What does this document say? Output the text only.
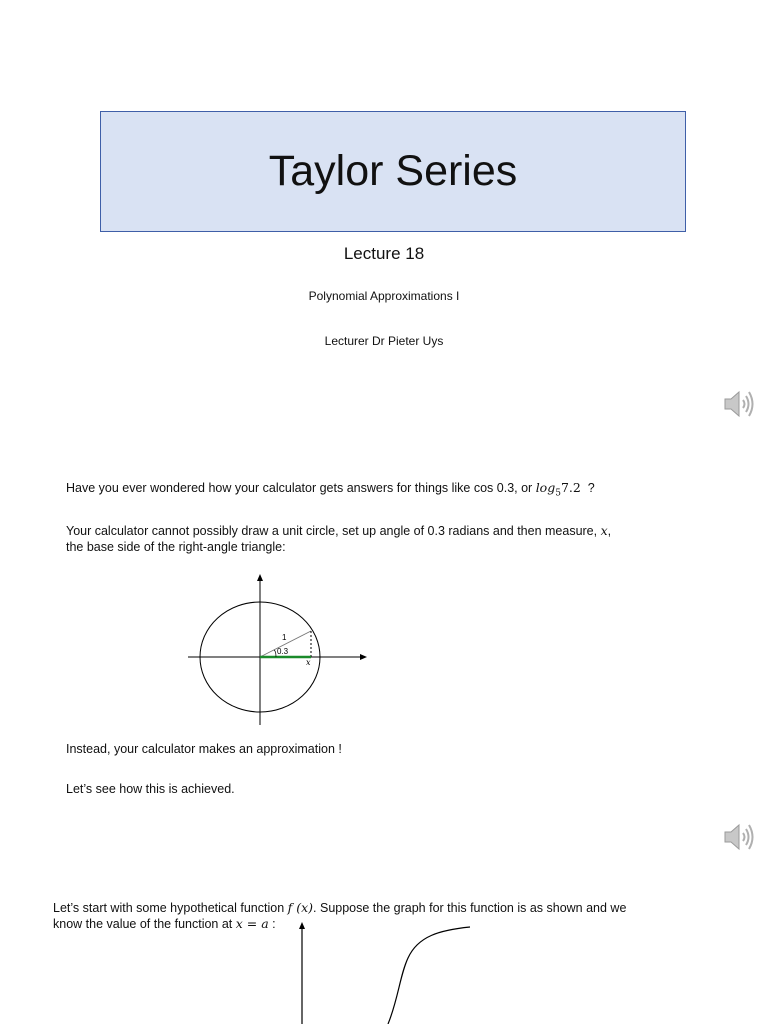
Taylor Series
Lecture 18
Polynomial Approximations I
Lecturer Dr Pieter Uys
Have you ever wondered how your calculator gets answers for things like cos 0.3, or $\log_57.2$  ?
Your calculator cannot possibly draw a unit circle, set up angle of 0.3 radians and then measure, x,
the base side of the right-angle triangle:
1
0.3
x
Instead, your calculator makes an approximation !
Let’s see how this is achieved.
Let’s start with some hypothetical function f (x). Suppose the graph for this function is as shown and we
know the value of the function at x = a :
